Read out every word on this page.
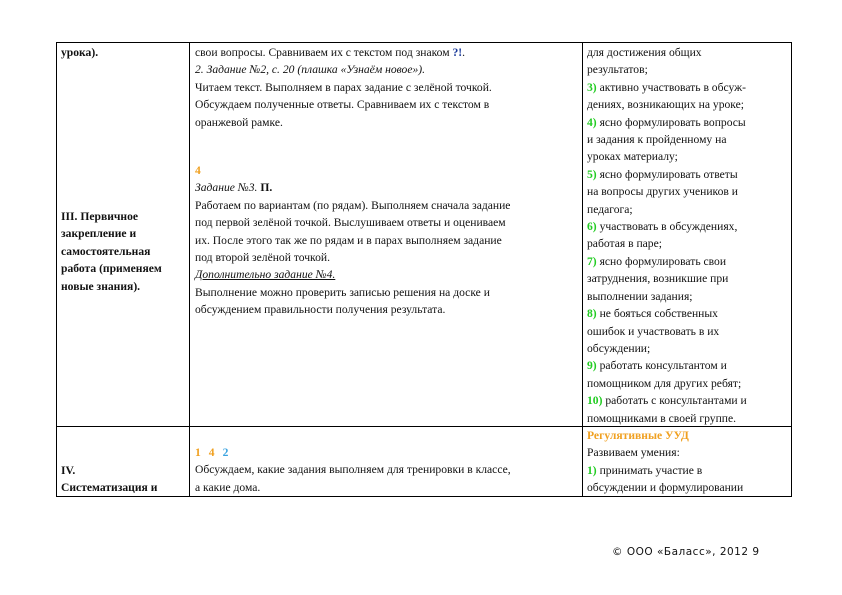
урока).
III. Первичное
закрепление и
самостоятельная
работа (применяем
новые знания).
IV.
Систематизация и
свои вопросы. Сравниваем их с текстом под знаком ?!.
2. Задание №2, с. 20 (плашка «Узнаём новое»).
Читаем текст. Выполняем в парах задание с зелёной точкой.
Обсуждаем полученные ответы. Сравниваем их с текстом в
оранжевой рамке.
4
Задание №3. П.
Работаем по вариантам (по рядам). Выполняем сначала задание
под первой зелёной точкой. Выслушиваем ответы и оцениваем
их. После этого так же по рядам и в парах выполняем задание
под второй зелёной точкой.
Дополнительно задание №4.
Выполнение можно проверить записью решения на доске и
обсуждением правильности получения результата.
1 4 2
Обсуждаем, какие задания выполняем для тренировки в классе,
а какие дома.
для достижения общих
результатов;
3) активно участвовать в обсуж-
дениях, возникающих на уроке;
4) ясно формулировать вопросы
и задания к пройденному на
уроках материалу;
5) ясно формулировать ответы
на вопросы других учеников и
педагога;
6) участвовать в обсуждениях,
работая в паре;
7) ясно формулировать свои
затруднения, возникшие при
выполнении задания;
8) не бояться собственных
ошибок и участвовать в их
обсуждении;
9) работать консультантом и
помощником для других ребят;
10) работать с консультантами и
помощниками в своей группе.
Регулятивные УУД
Развиваем умения:
1) принимать участие в
обсуждении и формулировании
© ООО «Баласс», 2012 9
